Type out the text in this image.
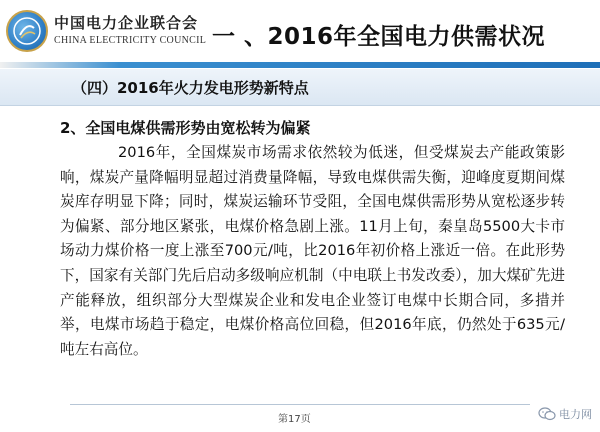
中国电力企业联合会
CHINA ELECTRICITY COUNCIL 一 、2016年全国电力供需状况
（四）2016年火力发电形势新特点
2、全国电煤供需形势由宽松转为偏紧

2016年，全国煤炭市场需求依然较为低迷，但受煤炭去产能政策影响，煤炭产量降幅明显超过消费量降幅，导致电煤供需失衡，迎峰度夏期间煤炭库存明显下降；同时，煤炭运输环节受阻，全国电煤供需形势从宽松逐步转为偏紧、部分地区紧张，电煤价格急剧上涨。11月上旬，秦皇岛5500大卡市场动力煤价格一度上涨至700元/吨，比2016年初价格上涨近一倍。在此形势下，国家有关部门先后启动多级响应机制（中电联上书发改委），加大煤矿先进产能释放，组织部分大型煤炭企业和发电企业签订电煤中长期合同，多措并举，电煤市场趋于稳定，电煤价格高位回稳，但2016年底，仍然处于635元/吨左右高位。

第17页	电力网
